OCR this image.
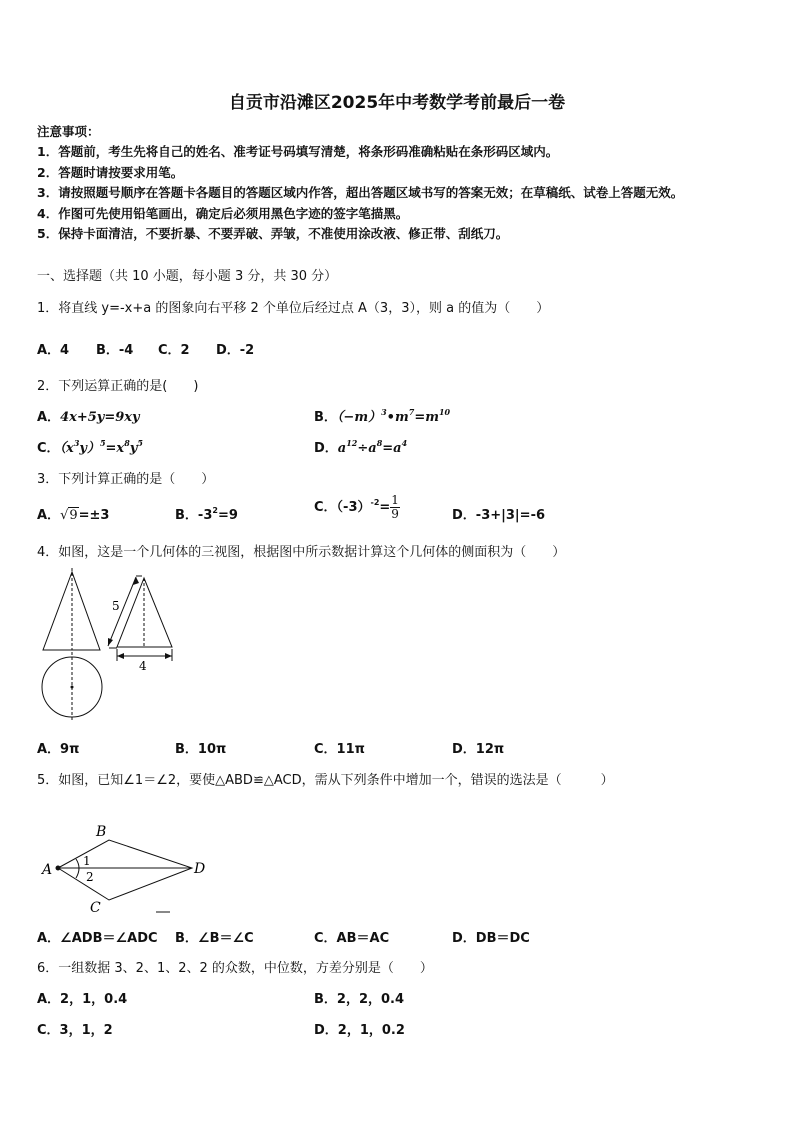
自贡市沿滩区2025年中考数学考前最后一卷
注意事项：
1．答题前，考生先将自己的姓名、准考证号码填写清楚，将条形码准确粘贴在条形码区域内。
2．答题时请按要求用笔。
3．请按照题号顺序在答题卡各题目的答题区域内作答，超出答题区域书写的答案无效；在草稿纸、试卷上答题无效。
4．作图可先使用铅笔画出，确定后必须用黑色字迹的签字笔描黑。
5．保持卡面清洁，不要折暴、不要弄破、弄皱，不准使用涂改液、修正带、刮纸刀。
一、选择题（共 10 小题，每小题 3 分，共 30 分）
1．将直线 y=-x+a 的图象向右平移 2 个单位后经过点 A（3，3），则 a 的值为（　　）
A．4 B．-4 C．2 D．-2
2．下列运算正确的是(　　)
A．4x+5y=9xy	B．$(-m)^3•m^7=m^{10}$
C．$(x^3y)^5=x^8y^5$	D．$a^{12}\div a^8=a^4$
3．下列计算正确的是（　　）
A．√9=±3	B．$-3^2=9$
C．$(-3)^{-2}= \frac{1}{9}$	D．-3+|3|=-6
4．如图，这是一个几何体的三视图，根据图中所示数据计算这个几何体的侧面积为（　　）
5
4
A．9π	B．10π	C．11π	D．12π
5．如图，已知∠1＝∠2，要使△ABD≌△ACD，需从下列条件中增加一个，错误的选法是（　　　）
A
B
C
D
1
2
A．∠ADB＝∠ADC B．∠B＝∠C	C．AB＝AC	D．DB＝DC
6．一组数据 3、2、1、2、2 的众数，中位数，方差分别是（　　）
A．2，1，0.4	B．2，2，0.4
C．3，1，2	D．2，1，0.2
